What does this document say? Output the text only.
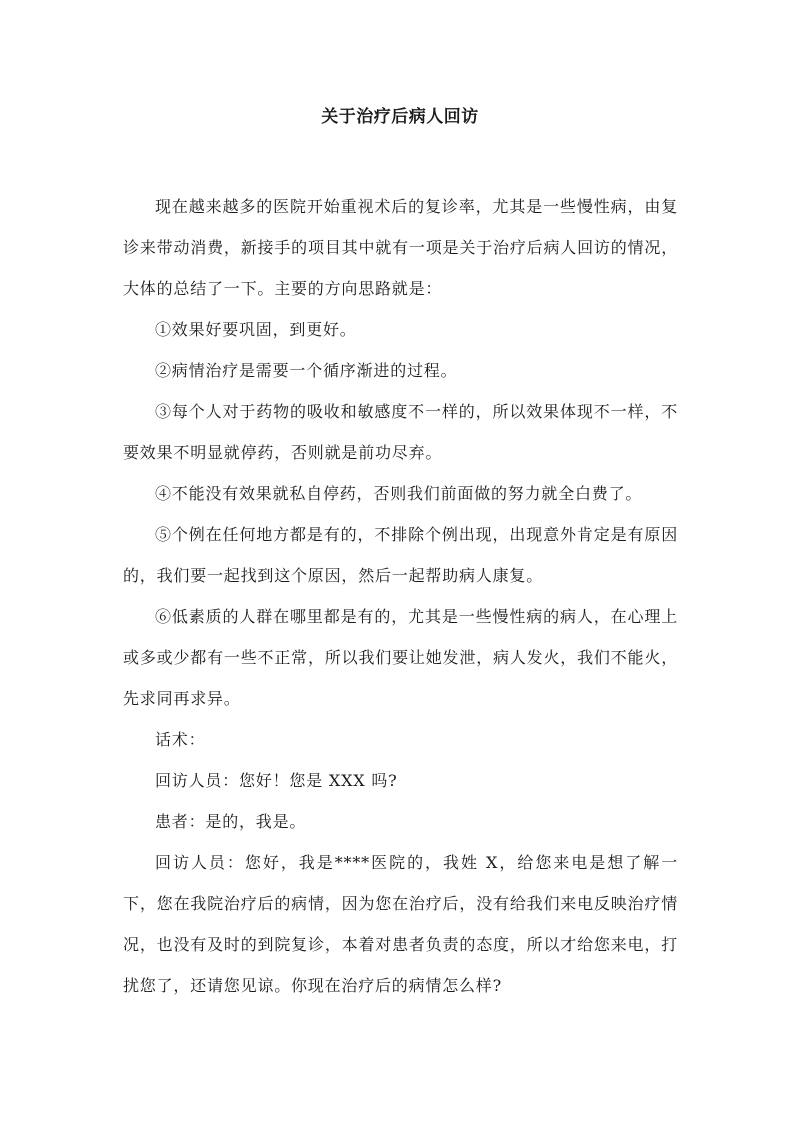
关于治疗后病人回访

现在越来越多的医院开始重视术后的复诊率，尤其是一些慢性病，由复诊来带动消费，新接手的项目其中就有一项是关于治疗后病人回访的情况，大体的总结了一下。主要的方向思路就是：

①效果好要巩固，到更好。

②病情治疗是需要一个循序渐进的过程。

③每个人对于药物的吸收和敏感度不一样的，所以效果体现不一样，不要效果不明显就停药，否则就是前功尽弃。

④不能没有效果就私自停药，否则我们前面做的努力就全白费了。

⑤个例在任何地方都是有的，不排除个例出现，出现意外肯定是有原因的，我们要一起找到这个原因，然后一起帮助病人康复。

⑥低素质的人群在哪里都是有的，尤其是一些慢性病的病人，在心理上或多或少都有一些不正常，所以我们要让她发泄，病人发火，我们不能火，先求同再求异。

话术：

回访人员：您好！您是 XXX 吗?

患者：是的，我是。

回访人员：您好，我是****医院的，我姓 X，给您来电是想了解一下，您在我院治疗后的病情，因为您在治疗后，没有给我们来电反映治疗情况，也没有及时的到院复诊，本着对患者负责的态度，所以才给您来电，打扰您了，还请您见谅。你现在治疗后的病情怎么样?
